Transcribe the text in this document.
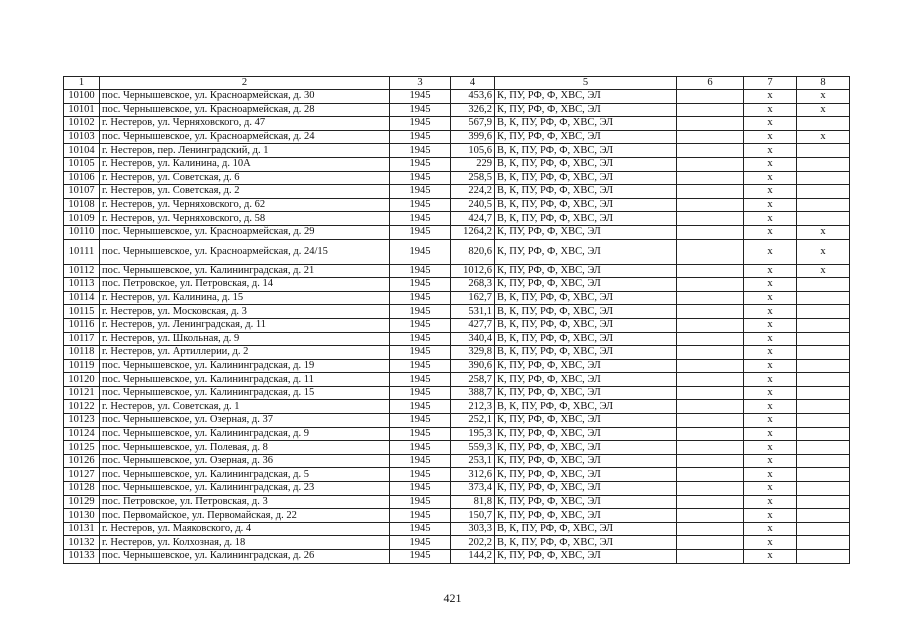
1	2	3	4	5	6	7	8
10100	пос. Чернышевское, ул. Красноармейская, д. 30	1945	453,6	К, ПУ, РФ, Ф, ХВС, ЭЛ		х	х
10101	пос. Чернышевское, ул. Красноармейская, д. 28	1945	326,2	К, ПУ, РФ, Ф, ХВС, ЭЛ		х	х
10102	г. Нестеров, ул. Черняховского, д. 47	1945	567,9	В, К, ПУ, РФ, Ф, ХВС, ЭЛ		х	
10103	пос. Чернышевское, ул. Красноармейская, д. 24	1945	399,6	К, ПУ, РФ, Ф, ХВС, ЭЛ		х	х
10104	г. Нестеров, пер. Ленинградский, д. 1	1945	105,6	В, К, ПУ, РФ, Ф, ХВС, ЭЛ		х	
10105	г. Нестеров, ул. Калинина, д. 10А	1945	229	В, К, ПУ, РФ, Ф, ХВС, ЭЛ		х	
10106	г. Нестеров, ул. Советская, д. 6	1945	258,5	В, К, ПУ, РФ, Ф, ХВС, ЭЛ		х	
10107	г. Нестеров, ул. Советская, д. 2	1945	224,2	В, К, ПУ, РФ, Ф, ХВС, ЭЛ		х	
10108	г. Нестеров, ул. Черняховского, д. 62	1945	240,5	В, К, ПУ, РФ, Ф, ХВС, ЭЛ		х	
10109	г. Нестеров, ул. Черняховского, д. 58	1945	424,7	В, К, ПУ, РФ, Ф, ХВС, ЭЛ		х	
10110	пос. Чернышевское, ул. Красноармейская, д. 29	1945	1264,2	К, ПУ, РФ, Ф, ХВС, ЭЛ		х	х
10111	пос. Чернышевское, ул. Красноармейская, д. 24/15	1945	820,6	К, ПУ, РФ, Ф, ХВС, ЭЛ		х	х
10112	пос. Чернышевское, ул. Калининградская, д. 21	1945	1012,6	К, ПУ, РФ, Ф, ХВС, ЭЛ		х	х
10113	пос. Петровское, ул. Петровская, д. 14	1945	268,3	К, ПУ, РФ, Ф, ХВС, ЭЛ		х	
10114	г. Нестеров, ул. Калинина, д. 15	1945	162,7	В, К, ПУ, РФ, Ф, ХВС, ЭЛ		х	
10115	г. Нестеров, ул. Московская, д. 3	1945	531,1	В, К, ПУ, РФ, Ф, ХВС, ЭЛ		х	
10116	г. Нестеров, ул. Ленинградская, д. 11	1945	427,7	В, К, ПУ, РФ, Ф, ХВС, ЭЛ		х	
10117	г. Нестеров, ул. Школьная, д. 9	1945	340,4	В, К, ПУ, РФ, Ф, ХВС, ЭЛ		х	
10118	г. Нестеров, ул. Артиллерии, д. 2	1945	329,8	В, К, ПУ, РФ, Ф, ХВС, ЭЛ		х	
10119	пос. Чернышевское, ул. Калининградская, д. 19	1945	390,6	К, ПУ, РФ, Ф, ХВС, ЭЛ		х	
10120	пос. Чернышевское, ул. Калининградская, д. 11	1945	258,7	К, ПУ, РФ, Ф, ХВС, ЭЛ		х	
10121	пос. Чернышевское, ул. Калининградская, д. 15	1945	388,7	К, ПУ, РФ, Ф, ХВС, ЭЛ		х	
10122	г. Нестеров, ул. Советская, д. 1	1945	212,3	В, К, ПУ, РФ, Ф, ХВС, ЭЛ		х	
10123	пос. Чернышевское, ул. Озерная, д. 37	1945	252,1	К, ПУ, РФ, Ф, ХВС, ЭЛ		х	
10124	пос. Чернышевское, ул. Калининградская, д. 9	1945	195,3	К, ПУ, РФ, Ф, ХВС, ЭЛ		х	
10125	пос. Чернышевское, ул. Полевая, д. 8	1945	559,3	К, ПУ, РФ, Ф, ХВС, ЭЛ		х	
10126	пос. Чернышевское, ул. Озерная, д. 36	1945	253,1	К, ПУ, РФ, Ф, ХВС, ЭЛ		х	
10127	пос. Чернышевское, ул. Калининградская, д. 5	1945	312,6	К, ПУ, РФ, Ф, ХВС, ЭЛ		х	
10128	пос. Чернышевское, ул. Калининградская, д. 23	1945	373,4	К, ПУ, РФ, Ф, ХВС, ЭЛ		х	
10129	пос. Петровское, ул. Петровская, д. 3	1945	81,8	К, ПУ, РФ, Ф, ХВС, ЭЛ		х	
10130	пос. Первомайское, ул. Первомайская, д. 22	1945	150,7	К, ПУ, РФ, Ф, ХВС, ЭЛ		х	
10131	г. Нестеров, ул. Маяковского, д. 4	1945	303,3	В, К, ПУ, РФ, Ф, ХВС, ЭЛ		х	
10132	г. Нестеров, ул. Колхозная, д. 18	1945	202,2	В, К, ПУ, РФ, Ф, ХВС, ЭЛ		х	
10133	пос. Чернышевское, ул. Калининградская, д. 26	1945	144,2	К, ПУ, РФ, Ф, ХВС, ЭЛ		х	
421
